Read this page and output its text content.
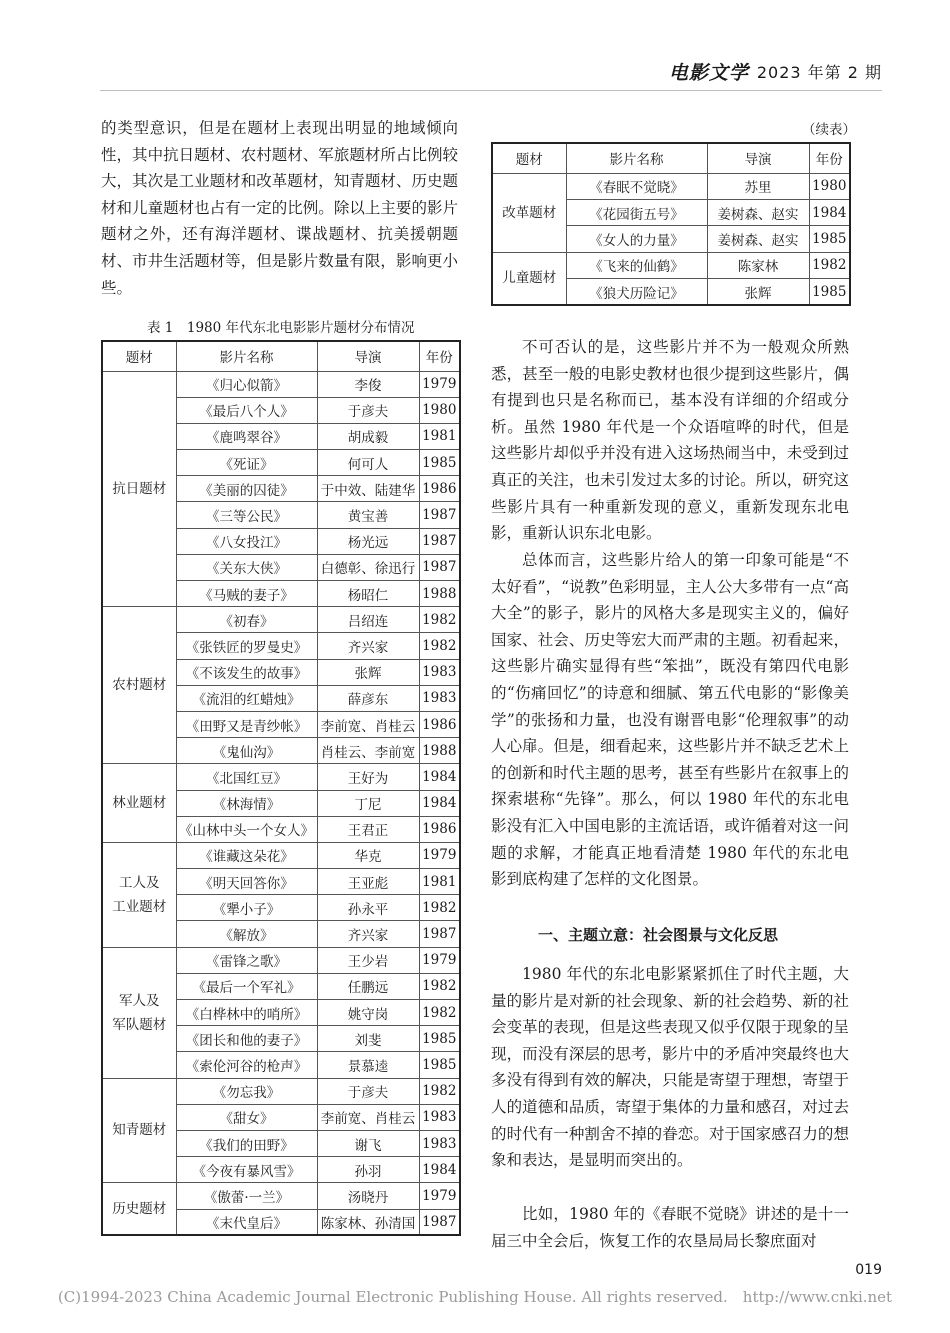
电影文学 2023 年第 2 期

的类型意识，但是在题材上表现出明显的地域倾向性，其中抗日题材、农村题材、军旅题材所占比例较大，其次是工业题材和改革题材，知青题材、历史题材和儿童题材也占有一定的比例。除以上主要的影片题材之外，还有海洋题材、谍战题材、抗美援朝题材、市井生活题材等，但是影片数量有限，影响更小些。

表 1　1980 年代东北电影影片题材分布情况
题材	影片名称	导演	年份
抗日题材	《归心似箭》	李俊	1979
	《最后八个人》	于彦夫	1980
	《鹿鸣翠谷》	胡成毅	1981
	《死证》	何可人	1985
	《美丽的囚徒》	于中效、陆建华	1986
	《三等公民》	黄宝善	1987
	《八女投江》	杨光远	1987
	《关东大侠》	白德彰、徐迅行	1987
	《马贼的妻子》	杨昭仁	1988
农村题材	《初春》	吕绍连	1982
	《张铁匠的罗曼史》	齐兴家	1982
	《不该发生的故事》	张辉	1983
	《流泪的红蜡烛》	薛彦东	1983
	《田野又是青纱帐》	李前宽、肖桂云	1986
	《鬼仙沟》	肖桂云、李前宽	1988
林业题材	《北国红豆》	王好为	1984
	《林海情》	丁尼	1984
	《山林中头一个女人》	王君正	1986
工人及
工业题材	《谁藏这朵花》	华克	1979
	《明天回答你》	王亚彪	1981
	《犟小子》	孙永平	1982
	《解放》	齐兴家	1987
军人及
军队题材	《雷锋之歌》	王少岩	1979
	《最后一个军礼》	任鹏远	1982
	《白桦林中的哨所》	姚守岗	1982
	《团长和他的妻子》	刘斐	1985
	《索伦河谷的枪声》	景慕逵	1985
知青题材	《勿忘我》	于彦夫	1982
	《甜女》	李前宽、肖桂云	1983
	《我们的田野》	谢飞	1983
	《今夜有暴风雪》	孙羽	1984
历史题材	《傲蕾·一兰》	汤晓丹	1979
	《末代皇后》	陈家林、孙清国	1987
（续表）
题材	影片名称	导演	年份
改革题材	《春眠不觉晓》	苏里	1980
	《花园街五号》	姜树森、赵实	1984
	《女人的力量》	姜树森、赵实	1985
儿童题材	《飞来的仙鹤》	陈家林	1982
	《狼犬历险记》	张辉	1985

不可否认的是，这些影片并不为一般观众所熟悉，甚至一般的电影史教材也很少提到这些影片，偶有提到也只是名称而已，基本没有详细的介绍或分析。虽然 1980 年代是一个众语喧哗的时代，但是这些影片却似乎并没有进入这场热闹当中，未受到过真正的关注，也未引发过太多的讨论。所以，研究这些影片具有一种重新发现的意义，重新发现东北电影，重新认识东北电影。

总体而言，这些影片给人的第一印象可能是“不太好看”，“说教”色彩明显，主人公大多带有一点“高大全”的影子，影片的风格大多是现实主义的，偏好国家、社会、历史等宏大而严肃的主题。初看起来，这些影片确实显得有些“笨拙”，既没有第四代电影的“伤痛回忆”的诗意和细腻、第五代电影的“影像美学”的张扬和力量，也没有谢晋电影“伦理叙事”的动人心扉。但是，细看起来，这些影片并不缺乏艺术上的创新和时代主题的思考，甚至有些影片在叙事上的探索堪称“先锋”。那么，何以 1980 年代的东北电影没有汇入中国电影的主流话语，或许循着对这一问题的求解，才能真正地看清楚 1980 年代的东北电影到底构建了怎样的文化图景。

一、主题立意：社会图景与文化反思

1980 年代的东北电影紧紧抓住了时代主题，大量的影片是对新的社会现象、新的社会趋势、新的社会变革的表现，但是这些表现又似乎仅限于现象的呈现，而没有深层的思考，影片中的矛盾冲突最终也大多没有得到有效的解决，只能是寄望于理想，寄望于人的道德和品质，寄望于集体的力量和感召，对过去的时代有一种割舍不掉的眷恋。对于国家感召力的想象和表达，是显明而突出的。

比如，1980 年的《春眠不觉晓》讲述的是十一届三中全会后，恢复工作的农垦局局长黎庶面对

019
(C)1994-2023 China Academic Journal Electronic Publishing House. All rights reserved.　http://www.cnki.net
